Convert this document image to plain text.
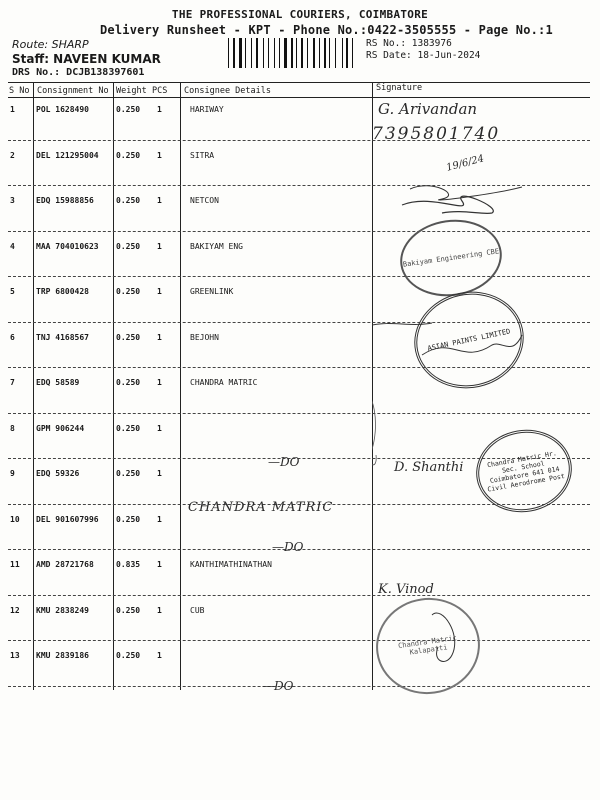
THE PROFESSIONAL COURIERS, COIMBATORE
Delivery Runsheet - KPT - Phone No.:0422-3505555 - Page No.:1
Route: SHARP
Staff: NAVEEN KUMAR
DRS No.: DCJB138397601
RS No.: 1383976
RS Date: 18-Jun-2024
S No Consignment No Weight PCS Consignee Details	Signature
1	POL 1628490	0.250 1	HARIWAY
2	DEL 121295004 0.250 1	SITRA
3	EDQ 15988856	0.250 1	NETCON
4	MAA 704010623 0.250 1	BAKIYAM ENG
5	TRP 6800428	0.250 1	GREENLINK
6	TNJ 4168567	0.250 1	BEJOHN
7	EDQ 58589	0.250 1	CHANDRA MATRIC
8	GPM 906244	0.250 1
9	EDQ 59326	0.250 1
10 DEL 901607996 0.250 1
11 AMD 28721768	0.835 1	KANTHIMATHINATHAN
12 KMU 2838249	0.250 1	CUB
13 KMU 2839186	0.250 1
G. Arivandan
7395801740
19/6/24
—DO	D. Shanthi
CHANDRA MATRIC
—DO
K. Vinod
—DO
Bakiyam Engineering CBE
ASIAN PAINTS LIMITED
Chandra Matric Hr. Sec. School Coimbatore 641 014 Civil Aerodrome Post
Chandra Matric Kalapatti
